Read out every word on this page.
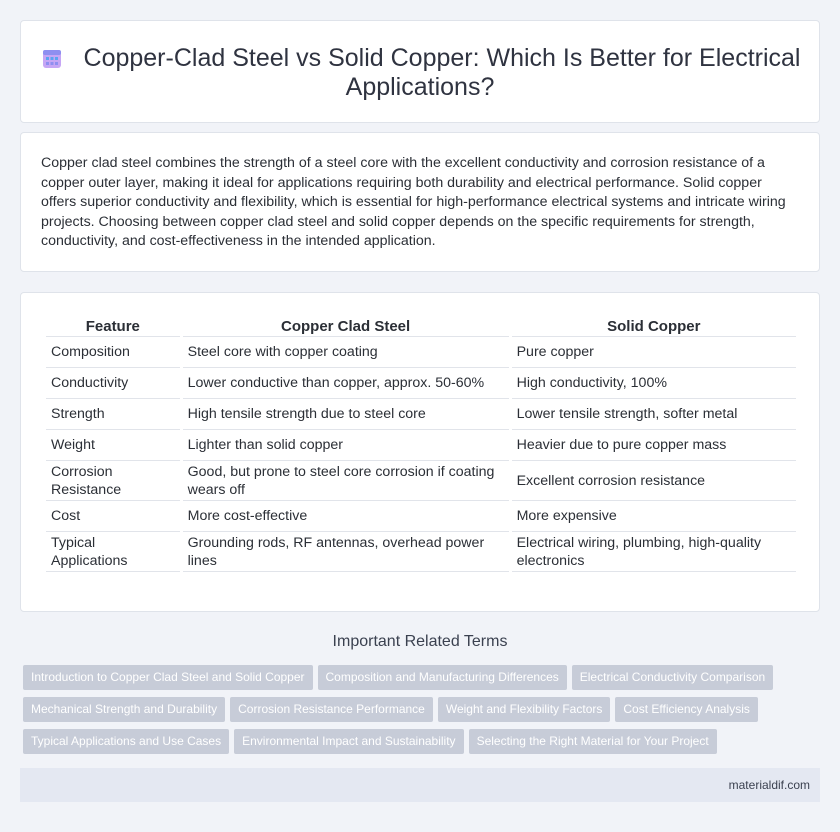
Copper-Clad Steel vs Solid Copper: Which Is Better for Electrical Applications?

Copper clad steel combines the strength of a steel core with the excellent conductivity and corrosion resistance of a copper outer layer, making it ideal for applications requiring both durability and electrical performance. Solid copper offers superior conductivity and flexibility, which is essential for high-performance electrical systems and intricate wiring projects. Choosing between copper clad steel and solid copper depends on the specific requirements for strength, conductivity, and cost-effectiveness in the intended application.

Feature	Copper Clad Steel	Solid Copper
Composition	Steel core with copper coating	Pure copper
Conductivity	Lower conductive than copper, approx. 50-60%	High conductivity, 100%
Strength	High tensile strength due to steel core	Lower tensile strength, softer metal
Weight	Lighter than solid copper	Heavier due to pure copper mass
Corrosion Resistance	Good, but prone to steel core corrosion if coating wears off	Excellent corrosion resistance
Cost	More cost-effective	More expensive
Typical Applications	Grounding rods, RF antennas, overhead power lines	Electrical wiring, plumbing, high-quality electronics
Important Related Terms
Introduction to Copper Clad Steel and Solid Copper Composition and Manufacturing Differences Electrical Conductivity Comparison
Mechanical Strength and Durability Corrosion Resistance Performance Weight and Flexibility Factors Cost Efficiency Analysis
Typical Applications and Use Cases Environmental Impact and Sustainability Selecting the Right Material for Your Project
materialdif.com
